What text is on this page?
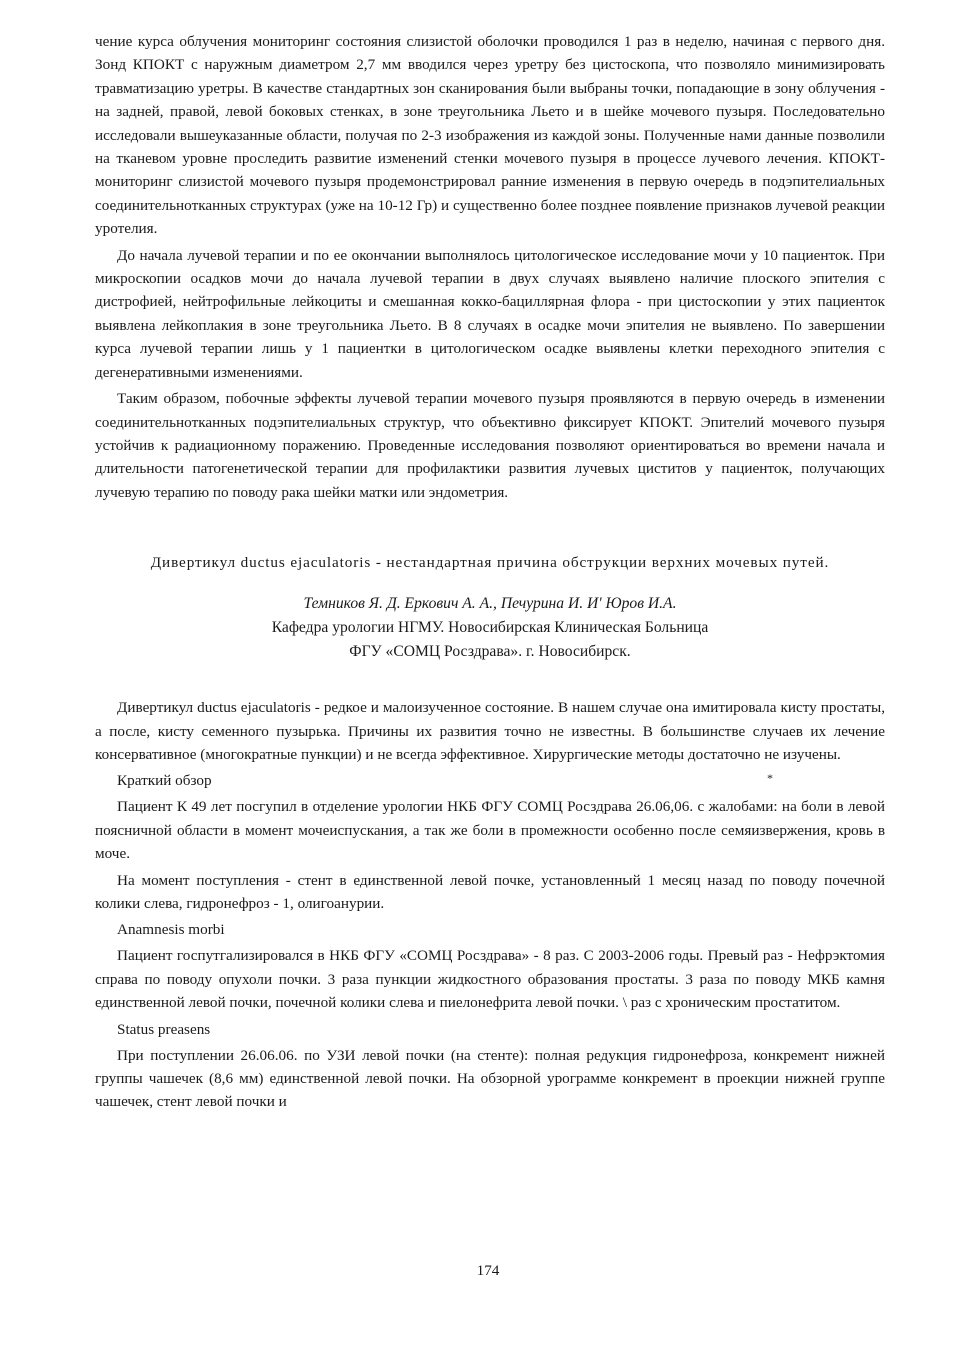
чение курса облучения мониторинг состояния слизистой оболочки проводился 1 раз в неделю, начиная с первого дня. Зонд КПОКТ с наружным диаметром 2,7 мм вводился через уретру без цистоскопа, что позволяло минимизировать травматизацию уретры. В качестве стандартных зон сканирования были выбраны точки, попадающие в зону облучения - на задней, правой, левой боковых стенках, в зоне треугольника Льето и в шейке мочевого пузыря. Последовательно исследовали вышеуказанные области, получая по 2-3 изображения из каждой зоны. Полученные нами данные позволили на тканевом уровне проследить развитие изменений стенки мочевого пузыря в процессе лучевого лечения. КПОКТ-мониторинг слизистой мочевого пузыря продемонстрировал ранние изменения в первую очередь в подэпителиальных соединительнотканных структурах (уже на 10-12 Гр) и существенно более позднее появление признаков лучевой реакции уротелия.

До начала лучевой терапии и по ее окончании выполнялось цитологическое исследование мочи у 10 пациенток. При микроскопии осадков мочи до начала лучевой терапии в двух случаях выявлено наличие плоского эпителия с дистрофией, нейтрофильные лейкоциты и смешанная кокко-бациллярная флора - при цистоскопии у этих пациенток выявлена лейкоплакия в зоне треугольника Льето. В 8 случаях в осадке мочи эпителия не выявлено. По завершении курса лучевой терапии лишь у 1 пациентки в цитологическом осадке выявлены клетки переходного эпителия с дегенеративными изменениями.

Таким образом, побочные эффекты лучевой терапии мочевого пузыря проявляются в первую очередь в изменении соединительнотканных подэпителиальных структур, что объективно фиксирует КПОКТ. Эпителий мочевого пузыря устойчив к радиационному поражению. Проведенные исследования позволяют ориентироваться во времени начала и длительности патогенетической терапии для профилактики развития лучевых циститов у пациенток, получающих лучевую терапию по поводу рака шейки матки или эндометрия.

Дивертикул ductus ejaculatoris - нестандартная причина обструкции верхних мочевых путей.

Темников Я. Д. Еркович А. А., Печурина И. И' Юров И.А.

Кафедра урологии НГМУ. Новосибирская Клиническая Больница

ФГУ «СОМЦ Росздрава». г. Новосибирск.

Дивертикул ductus ejaculatoris - редкое и малоизученное состояние. В нашем случае она имитировала кисту простаты, а после, кисту семенного пузырька. Причины их развития точно не известны. В большинстве случаев их лечение консервативное (многократные пункции) и не всегда эффективное. Хирургические методы достаточно не изучены.

Краткий обзор	*

Пациент К 49 лет посгупил в отделение урологии НКБ ФГУ СОМЦ Росздрава 26.06,06. с жалобами: на боли в левой поясничной области в момент мочеиспускания, а так же боли в промежности особенно после семяизвержения, кровь в моче.

На момент поступления - стент в единственной левой почке, установленный 1 месяц назад по поводу почечной колики слева, гидронефроз - 1, олигоанурии.

Anamnesis morbi

Пациент госпутгализировался в НКБ ФГУ «СОМЦ Росздрава» - 8 раз. С 2003-2006 годы. Превый раз - Нефрэктомия справа по поводу опухоли почки. 3 раза пункции жидкостного образования простаты. 3 раза по поводу МКБ камня единственной левой почки, почечной колики слева и пиелонефрита левой почки. \ раз с хроническим простатитом.

Status preasens

При поступлении 26.06.06. по УЗИ левой почки (на стенте): полная редукция гидронефроза, конкремент нижней группы чашечек (8,6 мм) единственной левой почки. На обзорной урограмме конкремент в проекции нижней группе чашечек, стент левой почки и

174
